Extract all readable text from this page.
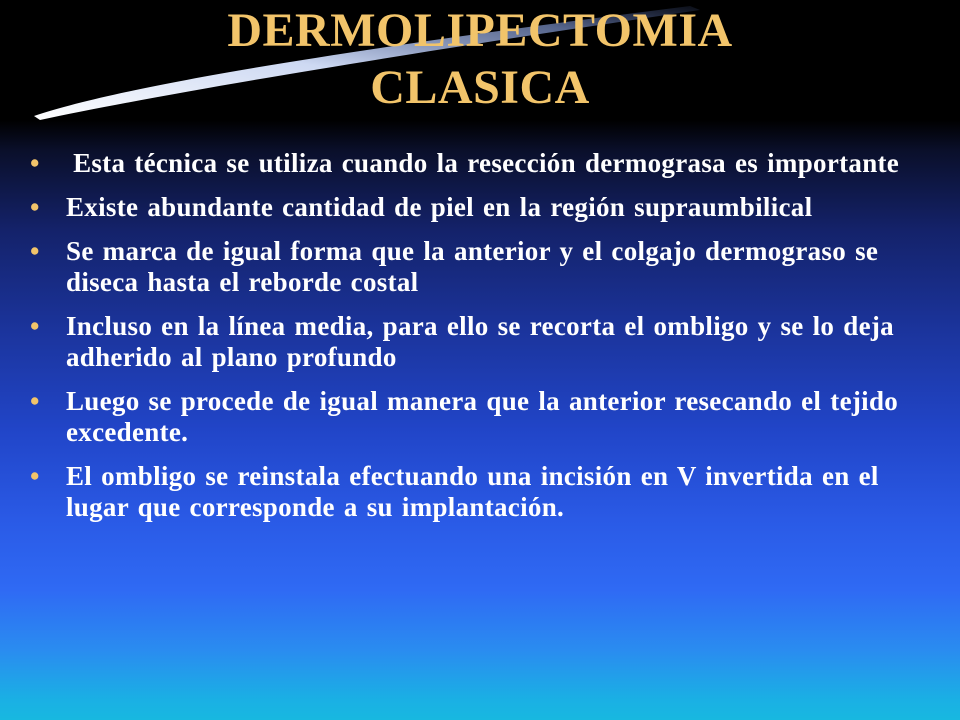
DERMOLIPECTOMIA
CLASICA
• Esta técnica se utiliza cuando la resección dermograsa es importante
• Existe abundante cantidad de piel en la región supraumbilical
• Se marca de igual forma que la anterior y el colgajo dermograso se diseca hasta el reborde costal
• Incluso en la línea media, para ello se recorta el ombligo y se lo deja adherido al plano profundo
• Luego se procede de igual manera que la anterior resecando el tejido excedente.
• El ombligo se reinstala efectuando una incisión en V invertida en el lugar que corresponde a su implantación.
